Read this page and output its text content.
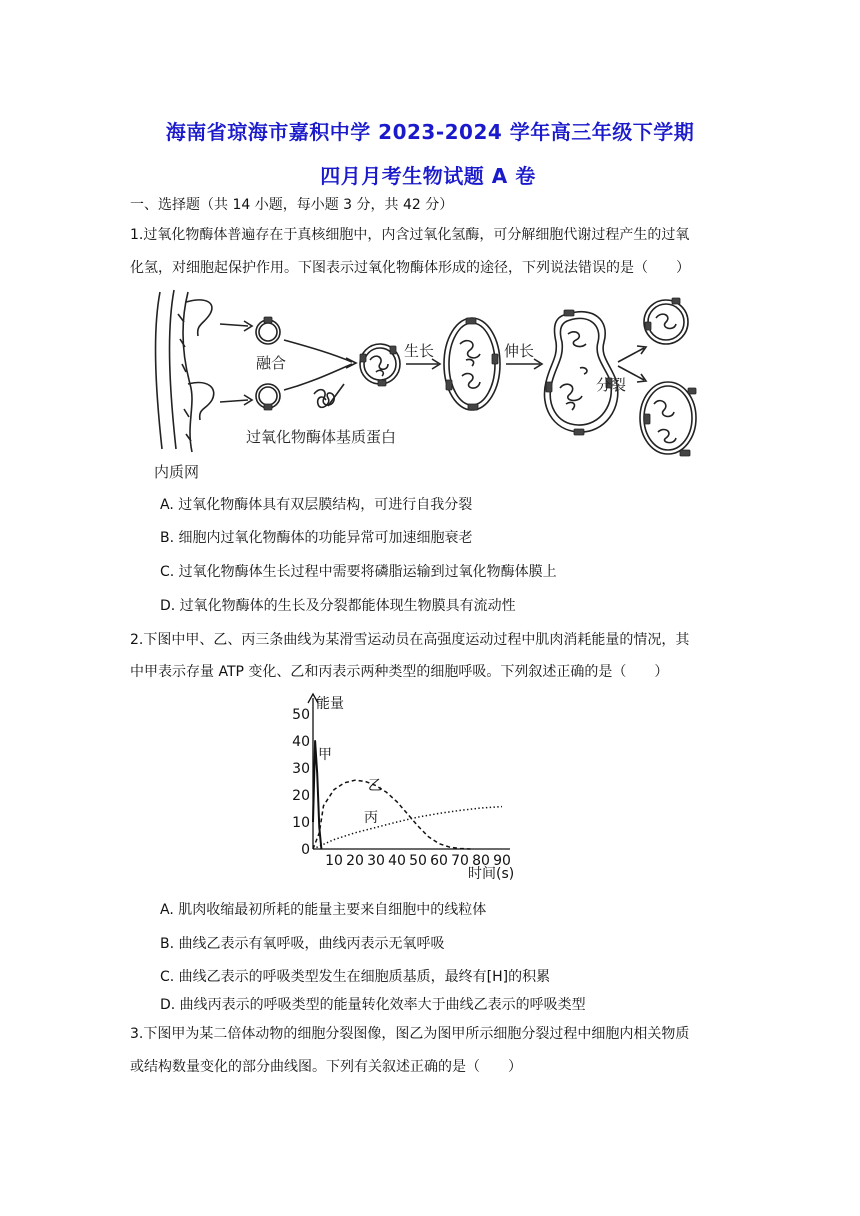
海南省琼海市嘉积中学 2023-2024 学年高三年级下学期
四月月考生物试题 A 卷
一、选择题（共 14 小题，每小题 3 分，共 42 分）
1.过氧化物酶体普遍存在于真核细胞中，内含过氧化氢酶，可分解细胞代谢过程产生的过氧
化氢，对细胞起保护作用。下图表示过氧化物酶体形成的途径，下列说法错误的是（　　）
融合
生长	伸长
分裂
过氧化物酶体基质蛋白
内质网
A. 过氧化物酶体具有双层膜结构，可进行自我分裂
B. 细胞内过氧化物酶体的功能异常可加速细胞衰老
C. 过氧化物酶体生长过程中需要将磷脂运输到过氧化物酶体膜上
D. 过氧化物酶体的生长及分裂都能体现生物膜具有流动性
2.下图中甲、乙、丙三条曲线为某滑雪运动员在高强度运动过程中肌肉消耗能量的情况，其
中甲表示存量 ATP 变化、乙和丙表示两种类型的细胞呼吸。下列叙述正确的是（　　）
0
10
20
30
40
50
10 20 30 40 50 60 70 80 90
能量
时间(s)
甲
乙
丙
A. 肌肉收缩最初所耗的能量主要来自细胞中的线粒体
B. 曲线乙表示有氧呼吸，曲线丙表示无氧呼吸
C. 曲线乙表示的呼吸类型发生在细胞质基质，最终有[H]的积累
D. 曲线丙表示的呼吸类型的能量转化效率大于曲线乙表示的呼吸类型
3.下图甲为某二倍体动物的细胞分裂图像，图乙为图甲所示细胞分裂过程中细胞内相关物质
或结构数量变化的部分曲线图。下列有关叙述正确的是（　　）
